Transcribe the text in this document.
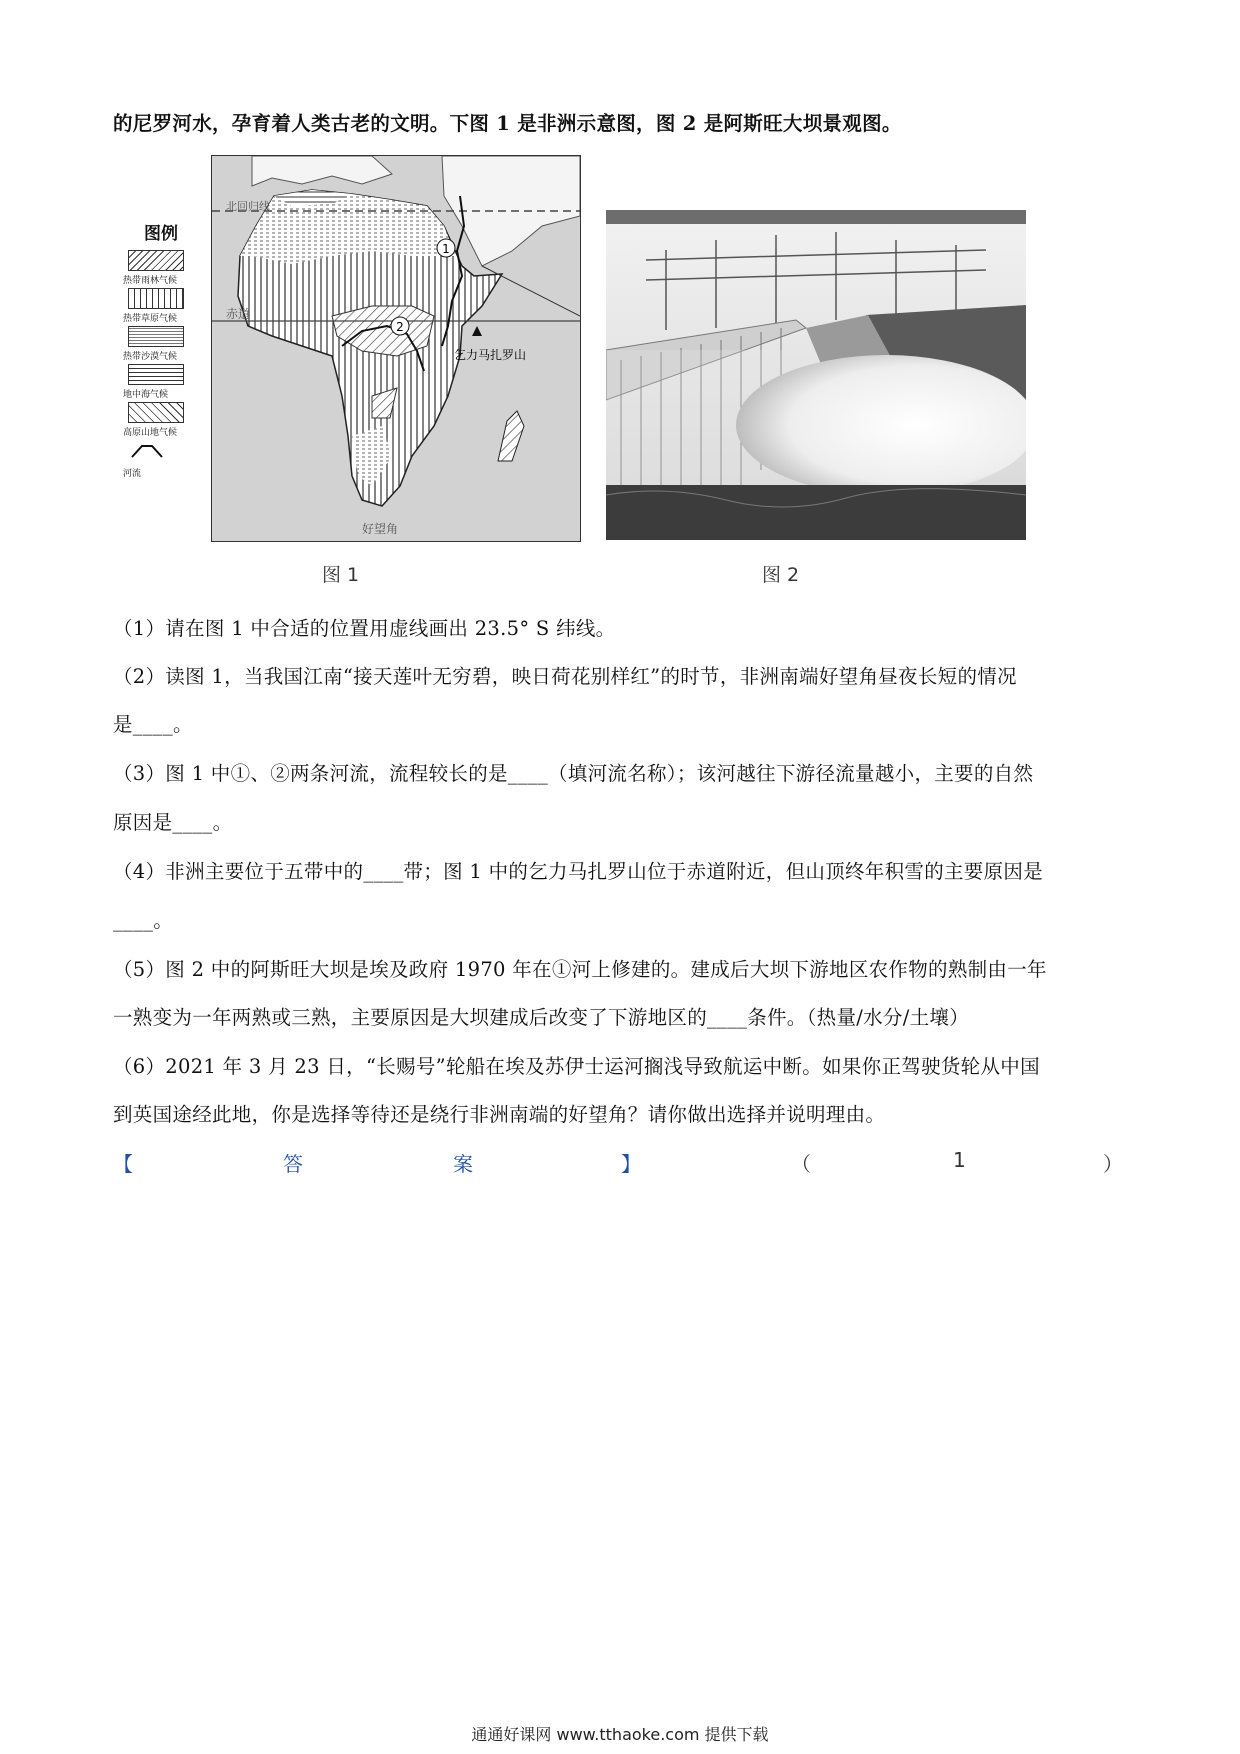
的尼罗河水，孕育着人类古老的文明。下图 1 是非洲示意图，图 2 是阿斯旺大坝景观图。
图例
热带雨林气候
热带草原气候
热带沙漠气候
地中海气候
高原山地气候
河流
1
2
乞力马扎罗山
北回归线
赤道
好望角
图 1	图 2
（1）请在图 1 中合适的位置用虚线画出 23.5° S 纬线。
（2）读图 1，当我国江南“接天莲叶无穷碧，映日荷花别样红”的时节，非洲南端好望角昼夜长短的情况
是____。
（3）图 1 中①、②两条河流，流程较长的是____（填河流名称）；该河越往下游径流量越小，主要的自然
原因是____。
（4）非洲主要位于五带中的____带；图 1 中的乞力马扎罗山位于赤道附近，但山顶终年积雪的主要原因是
____。
（5）图 2 中的阿斯旺大坝是埃及政府 1970 年在①河上修建的。建成后大坝下游地区农作物的熟制由一年
一熟变为一年两熟或三熟，主要原因是大坝建成后改变了下游地区的____条件。（热量/水分/土壤）
（6）2021 年 3 月 23 日，“长赐号”轮船在埃及苏伊士运河搁浅导致航运中断。如果你正驾驶货轮从中国
到英国途经此地，你是选择等待还是绕行非洲南端的好望角？请你做出选择并说明理由。
【	答	案	】	（	1	）
通通好课网 www.tthaoke.com 提供下载
